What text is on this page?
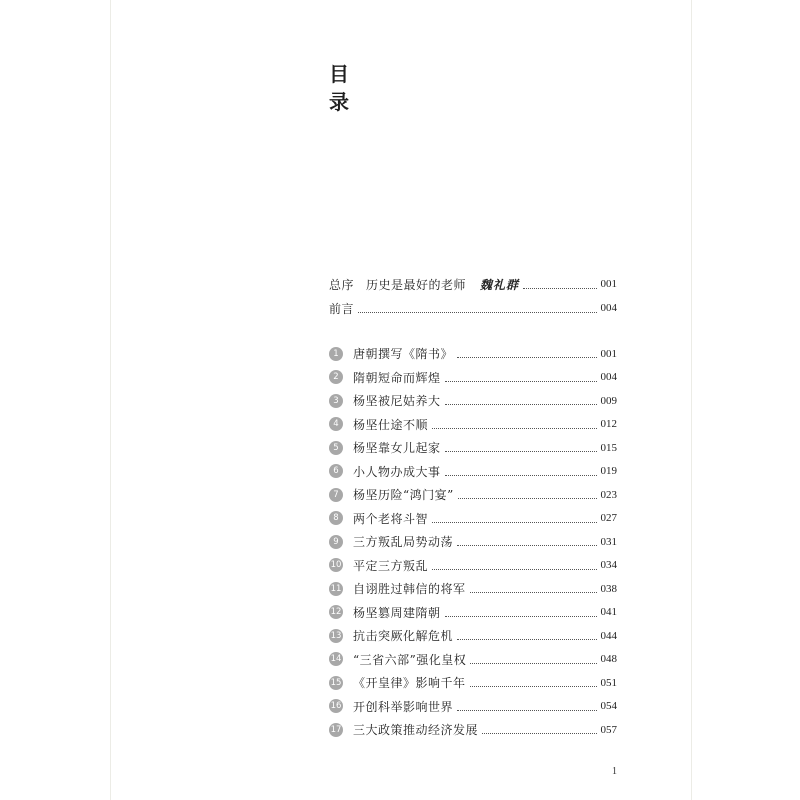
目
录
总序 历史是最好的老师 魏礼群	001
前言	004
1	唐朝撰写《隋书》	001
2	隋朝短命而辉煌	004
3	杨坚被尼姑养大	009
4	杨坚仕途不顺	012
5	杨坚靠女儿起家	015
6	小人物办成大事	019
7	杨坚历险“鸿门宴”	023
8	两个老将斗智	027
9	三方叛乱局势动荡	031
10 平定三方叛乱	034
11 自诩胜过韩信的将军	038
12 杨坚篡周建隋朝	041
13 抗击突厥化解危机	044
14 “三省六部”强化皇权	048
15 《开皇律》影响千年	051
16 开创科举影响世界	054
17 三大政策推动经济发展	057
1
